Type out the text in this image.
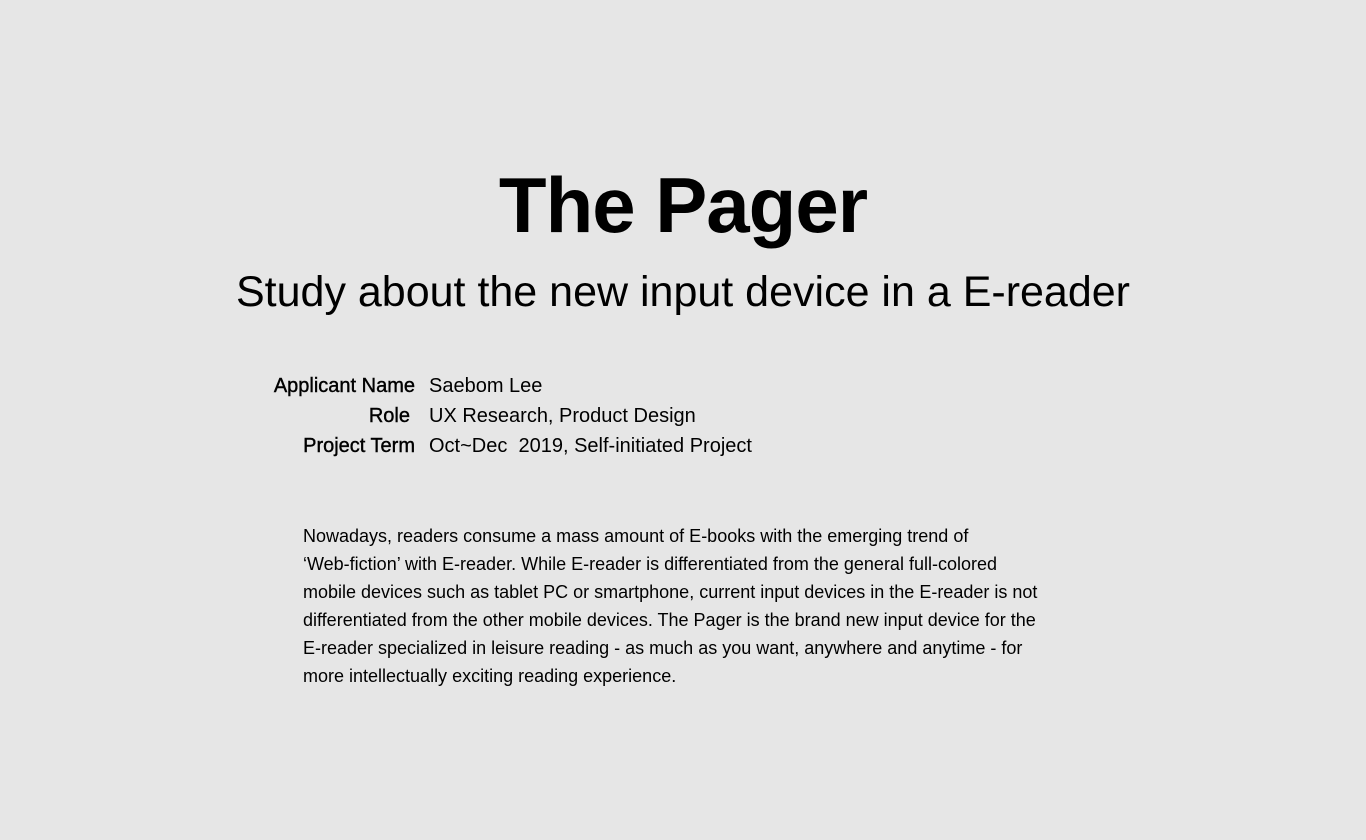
The Pager
Study about the new input device in a E-reader
Applicant Name Saebom Lee
Role UX Research, Product Design
Project Term Oct~Dec  2019, Self-initiated Project
Nowadays, readers consume a mass amount of E-books with the emerging trend of
‘Web-fiction’ with E-reader. While E-reader is differentiated from the general full-colored
mobile devices such as tablet PC or smartphone, current input devices in the E-reader is not
differentiated from the other mobile devices. The Pager is the brand new input device for the
E-reader specialized in leisure reading - as much as you want, anywhere and anytime - for
more intellectually exciting reading experience.
